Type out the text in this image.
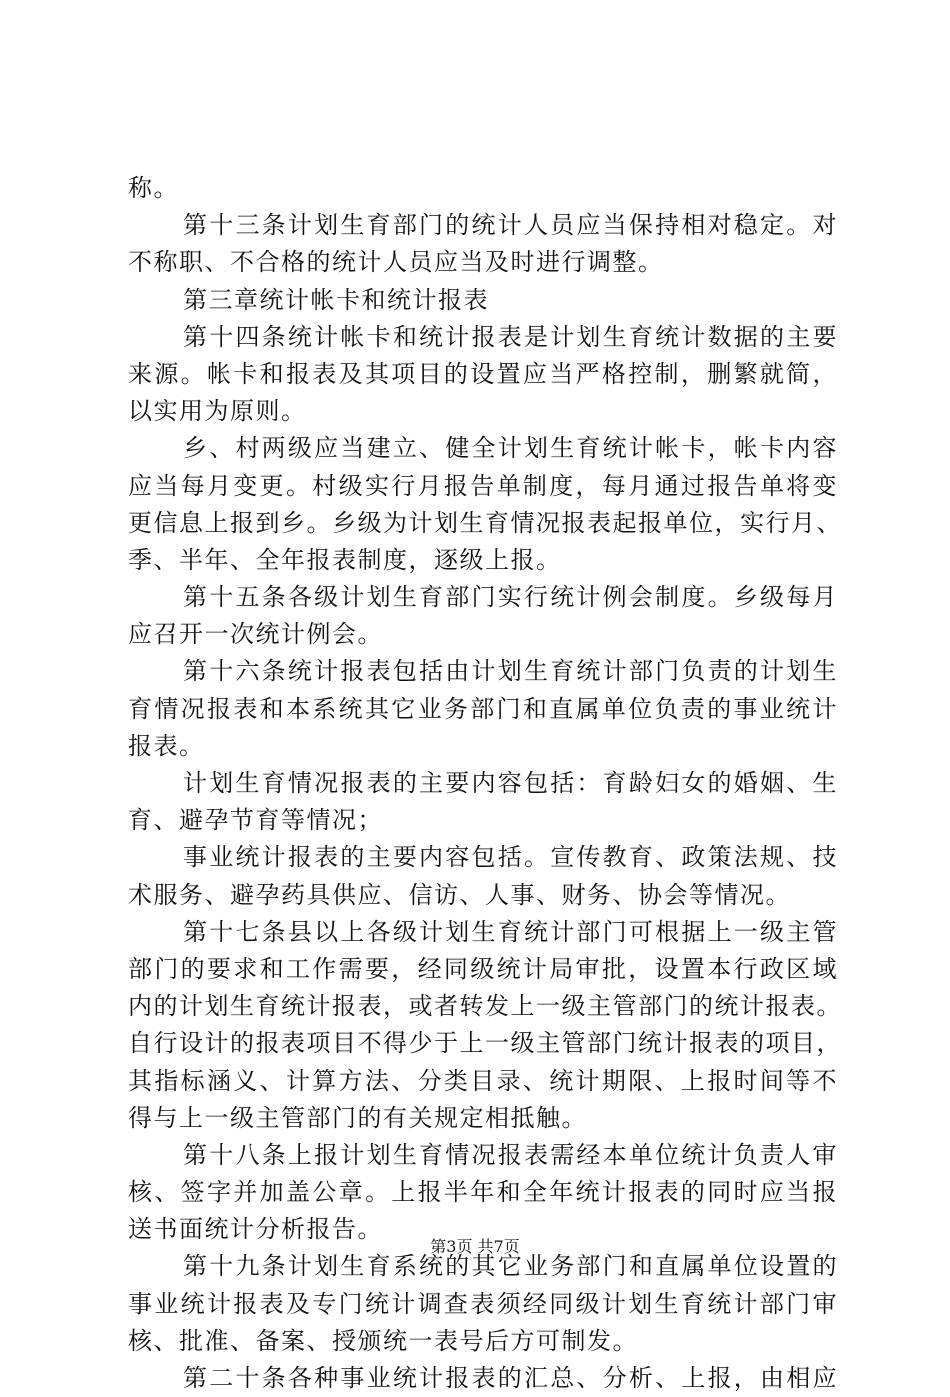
称。
第十三条计划生育部门的统计人员应当保持相对稳定。对
不称职、不合格的统计人员应当及时进行调整。
第三章统计帐卡和统计报表
第十四条统计帐卡和统计报表是计划生育统计数据的主要
来源。帐卡和报表及其项目的设置应当严格控制，删繁就简，
以实用为原则。
乡、村两级应当建立、健全计划生育统计帐卡，帐卡内容
应当每月变更。村级实行月报告单制度，每月通过报告单将变
更信息上报到乡。乡级为计划生育情况报表起报单位，实行月、
季、半年、全年报表制度，逐级上报。
第十五条各级计划生育部门实行统计例会制度。乡级每月
应召开一次统计例会。
第十六条统计报表包括由计划生育统计部门负责的计划生
育情况报表和本系统其它业务部门和直属单位负责的事业统计
报表。
计划生育情况报表的主要内容包括：育龄妇女的婚姻、生
育、避孕节育等情况；
事业统计报表的主要内容包括。宣传教育、政策法规、技
术服务、避孕药具供应、信访、人事、财务、协会等情况。
第十七条县以上各级计划生育统计部门可根据上一级主管
部门的要求和工作需要，经同级统计局审批，设置本行政区域
内的计划生育统计报表，或者转发上一级主管部门的统计报表。
自行设计的报表项目不得少于上一级主管部门统计报表的项目，
其指标涵义、计算方法、分类目录、统计期限、上报时间等不
得与上一级主管部门的有关规定相抵触。
第十八条上报计划生育情况报表需经本单位统计负责人审
核、签字并加盖公章。上报半年和全年统计报表的同时应当报
送书面统计分析报告。
第十九条计划生育系统的其它业务部门和直属单位设置的
事业统计报表及专门统计调查表须经同级计划生育统计部门审
核、批准、备案、授颁统一表号后方可制发。
第二十条各种事业统计报表的汇总、分析、上报，由相应
第3页 共7页
